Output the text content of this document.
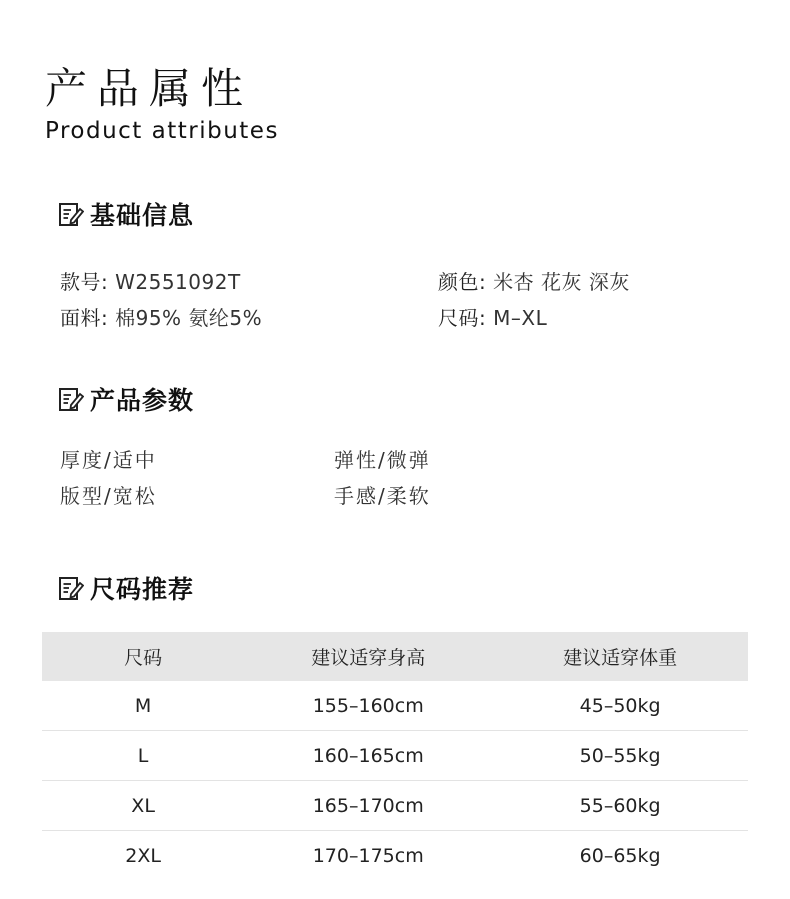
产品属性
Product attributes
基础信息
款号: W2551092T	颜色: 米杏 花灰 深灰
面料: 棉95% 氨纶5%	尺码: M–XL
产品参数
厚度/适中	弹性/微弹
版型/宽松	手感/柔软
尺码推荐
尺码	建议适穿身高	建议适穿体重
M	155–160cm	45–50kg
L	160–165cm	50–55kg
XL	165–170cm	55–60kg
2XL	170–175cm	60–65kg
